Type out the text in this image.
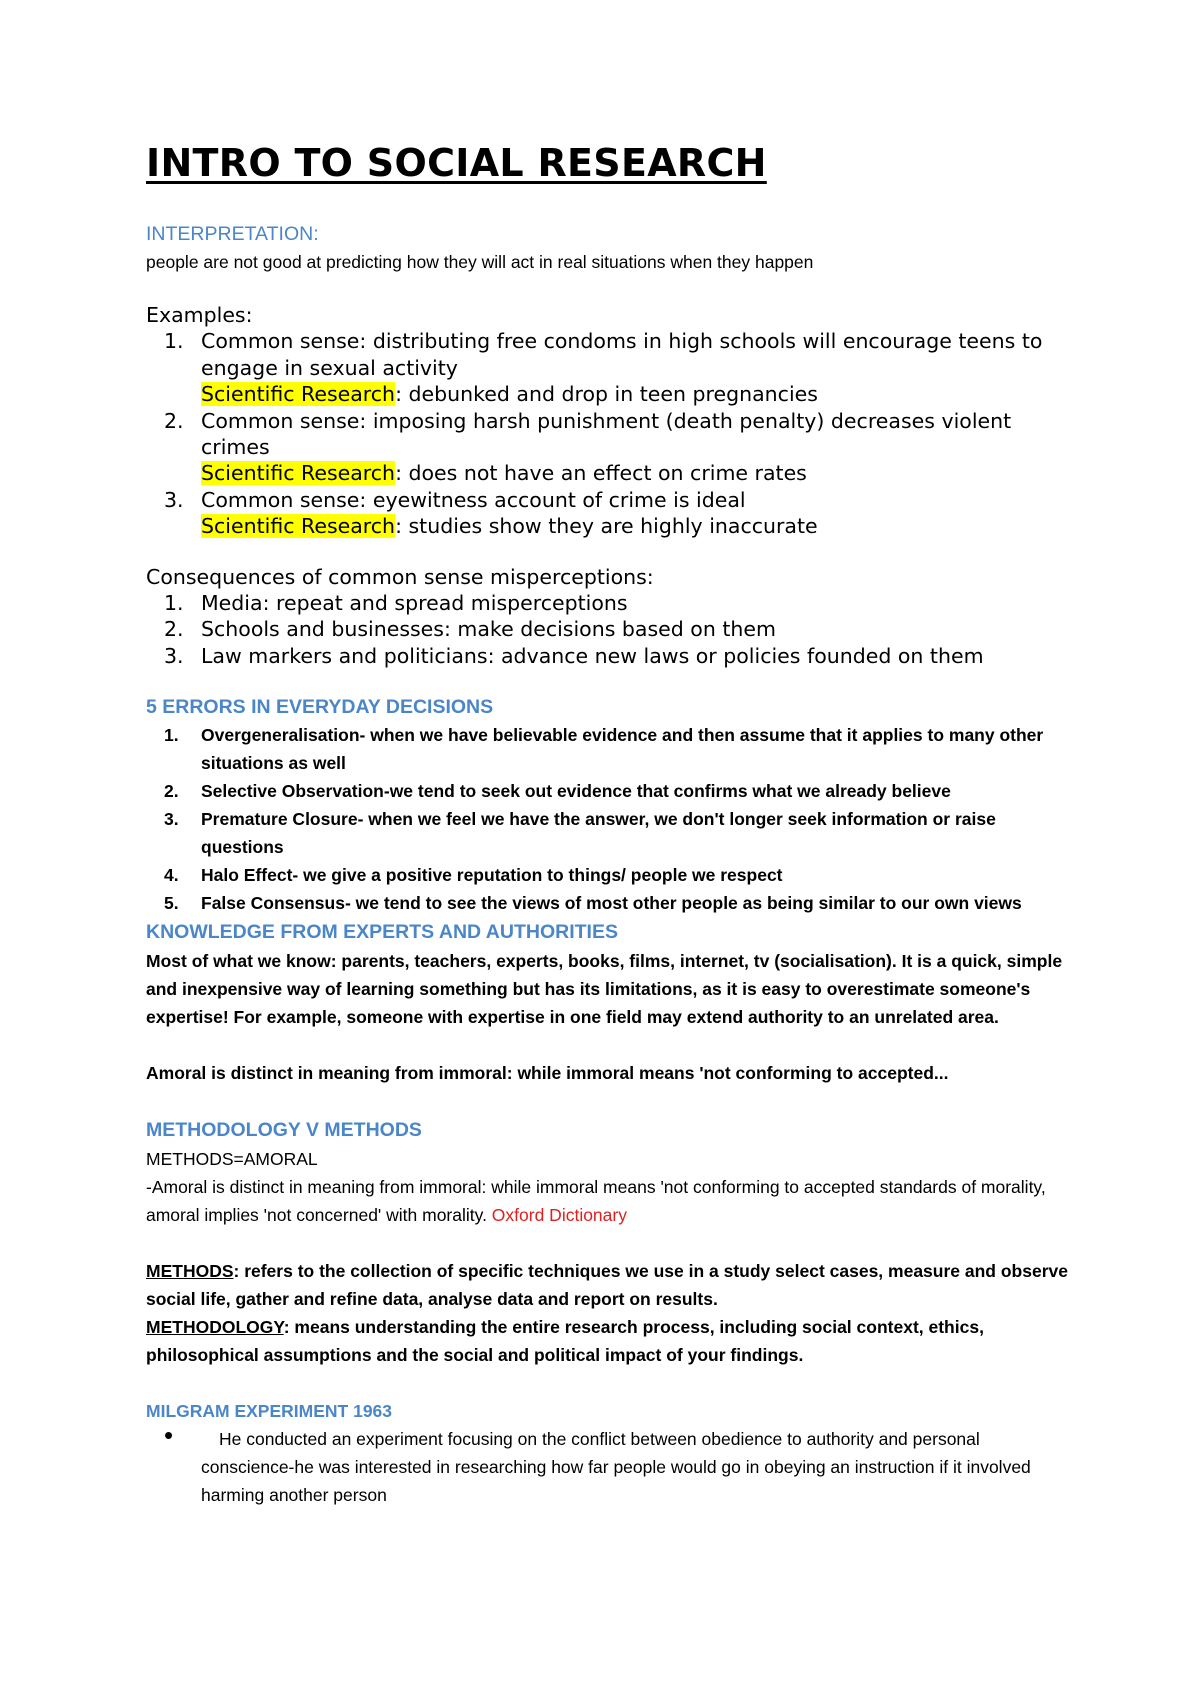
INTRO TO SOCIAL RESEARCH

INTERPRETATION:

people are not good at predicting how they will act in real situations when they happen

Examples:

Common sense: distributing free condoms in high schools will encourage teens to engage in sexual activity
Scientific Research: debunked and drop in teen pregnancies
Common sense: imposing harsh punishment (death penalty) decreases violent crimes
Scientific Research: does not have an effect on crime rates
Common sense: eyewitness account of crime is ideal
Scientific Research: studies show they are highly inaccurate

Consequences of common sense misperceptions:

Media: repeat and spread misperceptions
Schools and businesses: make decisions based on them
Law markers and politicians: advance new laws or policies founded on them

5 ERRORS IN EVERYDAY DECISIONS

Overgeneralisation- when we have believable evidence and then assume that it applies to many other situations as well
Selective Observation-we tend to seek out evidence that confirms what we already believe
Premature Closure- when we feel we have the answer, we don't longer seek information or raise questions
Halo Effect- we give a positive reputation to things/ people we respect
False Consensus- we tend to see the views of most other people as being similar to our own views

KNOWLEDGE FROM EXPERTS AND AUTHORITIES

Most of what we know: parents, teachers, experts, books, films, internet, tv (socialisation). It is a quick, simple and inexpensive way of learning something but has its limitations, as it is easy to overestimate someone's expertise! For example, someone with expertise in one field may extend authority to an unrelated area.

Amoral is distinct in meaning from immoral: while immoral means 'not conforming to accepted...

METHODOLOGY V METHODS

METHODS=AMORAL

-Amoral is distinct in meaning from immoral: while immoral means 'not conforming to accepted standards of morality, amoral implies 'not concerned' with morality. Oxford Dictionary

METHODS: refers to the collection of specific techniques we use in a study select cases, measure and observe social life, gather and refine data, analyse data and report on results.

METHODOLOGY: means understanding the entire research process, including social context, ethics, philosophical assumptions and the social and political impact of your findings.

MILGRAM EXPERIMENT 1963

• He conducted an experiment focusing on the conflict between obedience to authority and personal conscience-he was interested in researching how far people would go in obeying an instruction if it involved harming another person
